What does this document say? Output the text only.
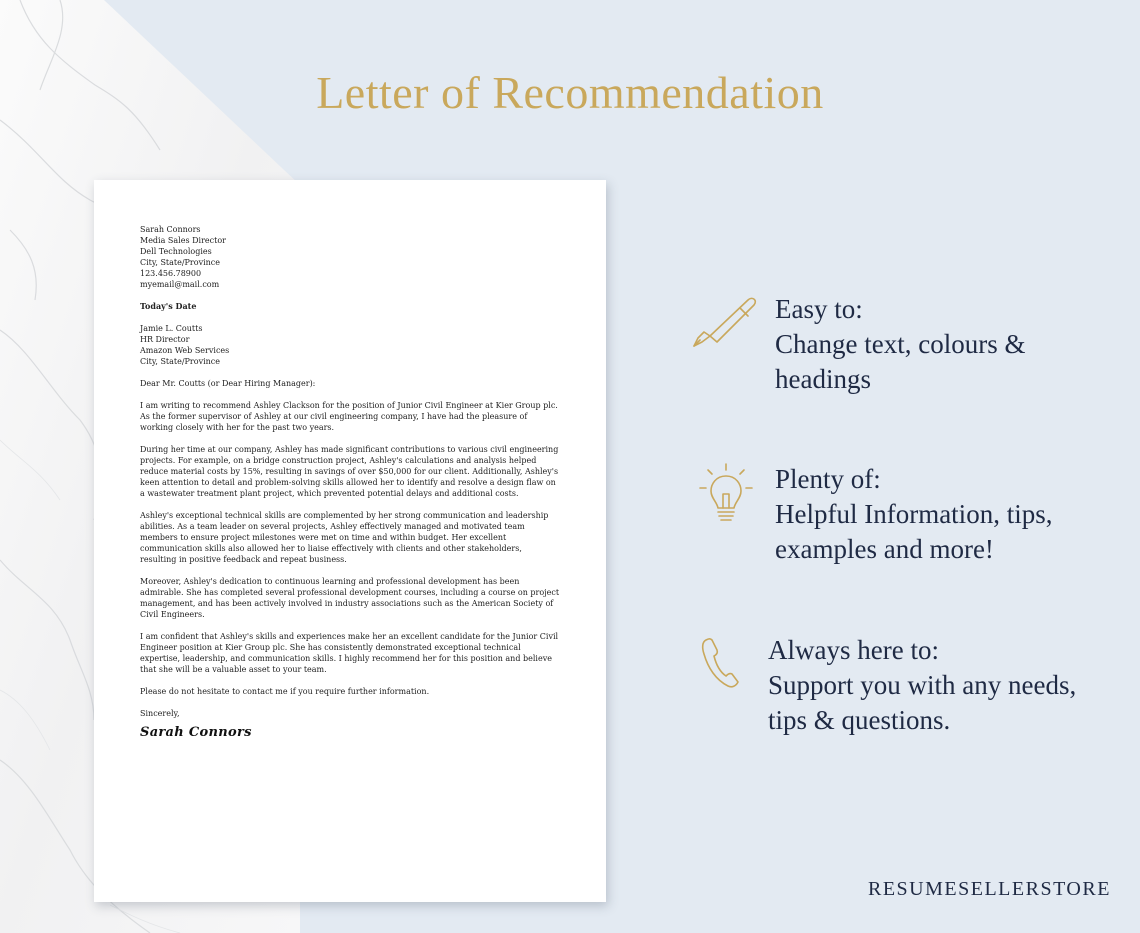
Letter of Recommendation

Sarah Connors

Media Sales Director

Dell Technologies

City, State/Province

123.456.78900

myemail@mail.com

Today's Date

Jamie L. Coutts

HR Director

Amazon Web Services

City, State/Province

Dear Mr. Coutts (or Dear Hiring Manager):

I am writing to recommend Ashley Clackson for the position of Junior Civil Engineer at Kier Group plc. As the former supervisor of Ashley at our civil engineering company, I have had the pleasure of working closely with her for the past two years.

During her time at our company, Ashley has made significant contributions to various civil engineering projects. For example, on a bridge construction project, Ashley's calculations and analysis helped reduce material costs by 15%, resulting in savings of over $50,000 for our client. Additionally, Ashley's keen attention to detail and problem-solving skills allowed her to identify and resolve a design flaw on a wastewater treatment plant project, which prevented potential delays and additional costs.

Ashley's exceptional technical skills are complemented by her strong communication and leadership abilities. As a team leader on several projects, Ashley effectively managed and motivated team members to ensure project milestones were met on time and within budget. Her excellent communication skills also allowed her to liaise effectively with clients and other stakeholders, resulting in positive feedback and repeat business.

Moreover, Ashley's dedication to continuous learning and professional development has been admirable. She has completed several professional development courses, including a course on project management, and has been actively involved in industry associations such as the American Society of Civil Engineers.

I am confident that Ashley's skills and experiences make her an excellent candidate for the Junior Civil Engineer position at Kier Group plc. She has consistently demonstrated exceptional technical expertise, leadership, and communication skills. I highly recommend her for this position and believe that she will be a valuable asset to your team.

Please do not hesitate to contact me if you require further information.

Sincerely,

Sarah Connors
Easy to:
Change text, colours &
headings
Plenty of:
Helpful Information, tips,
examples and more!
Always here to:
Support you with any needs,
tips & questions.
RESUMESELLERSTORE
